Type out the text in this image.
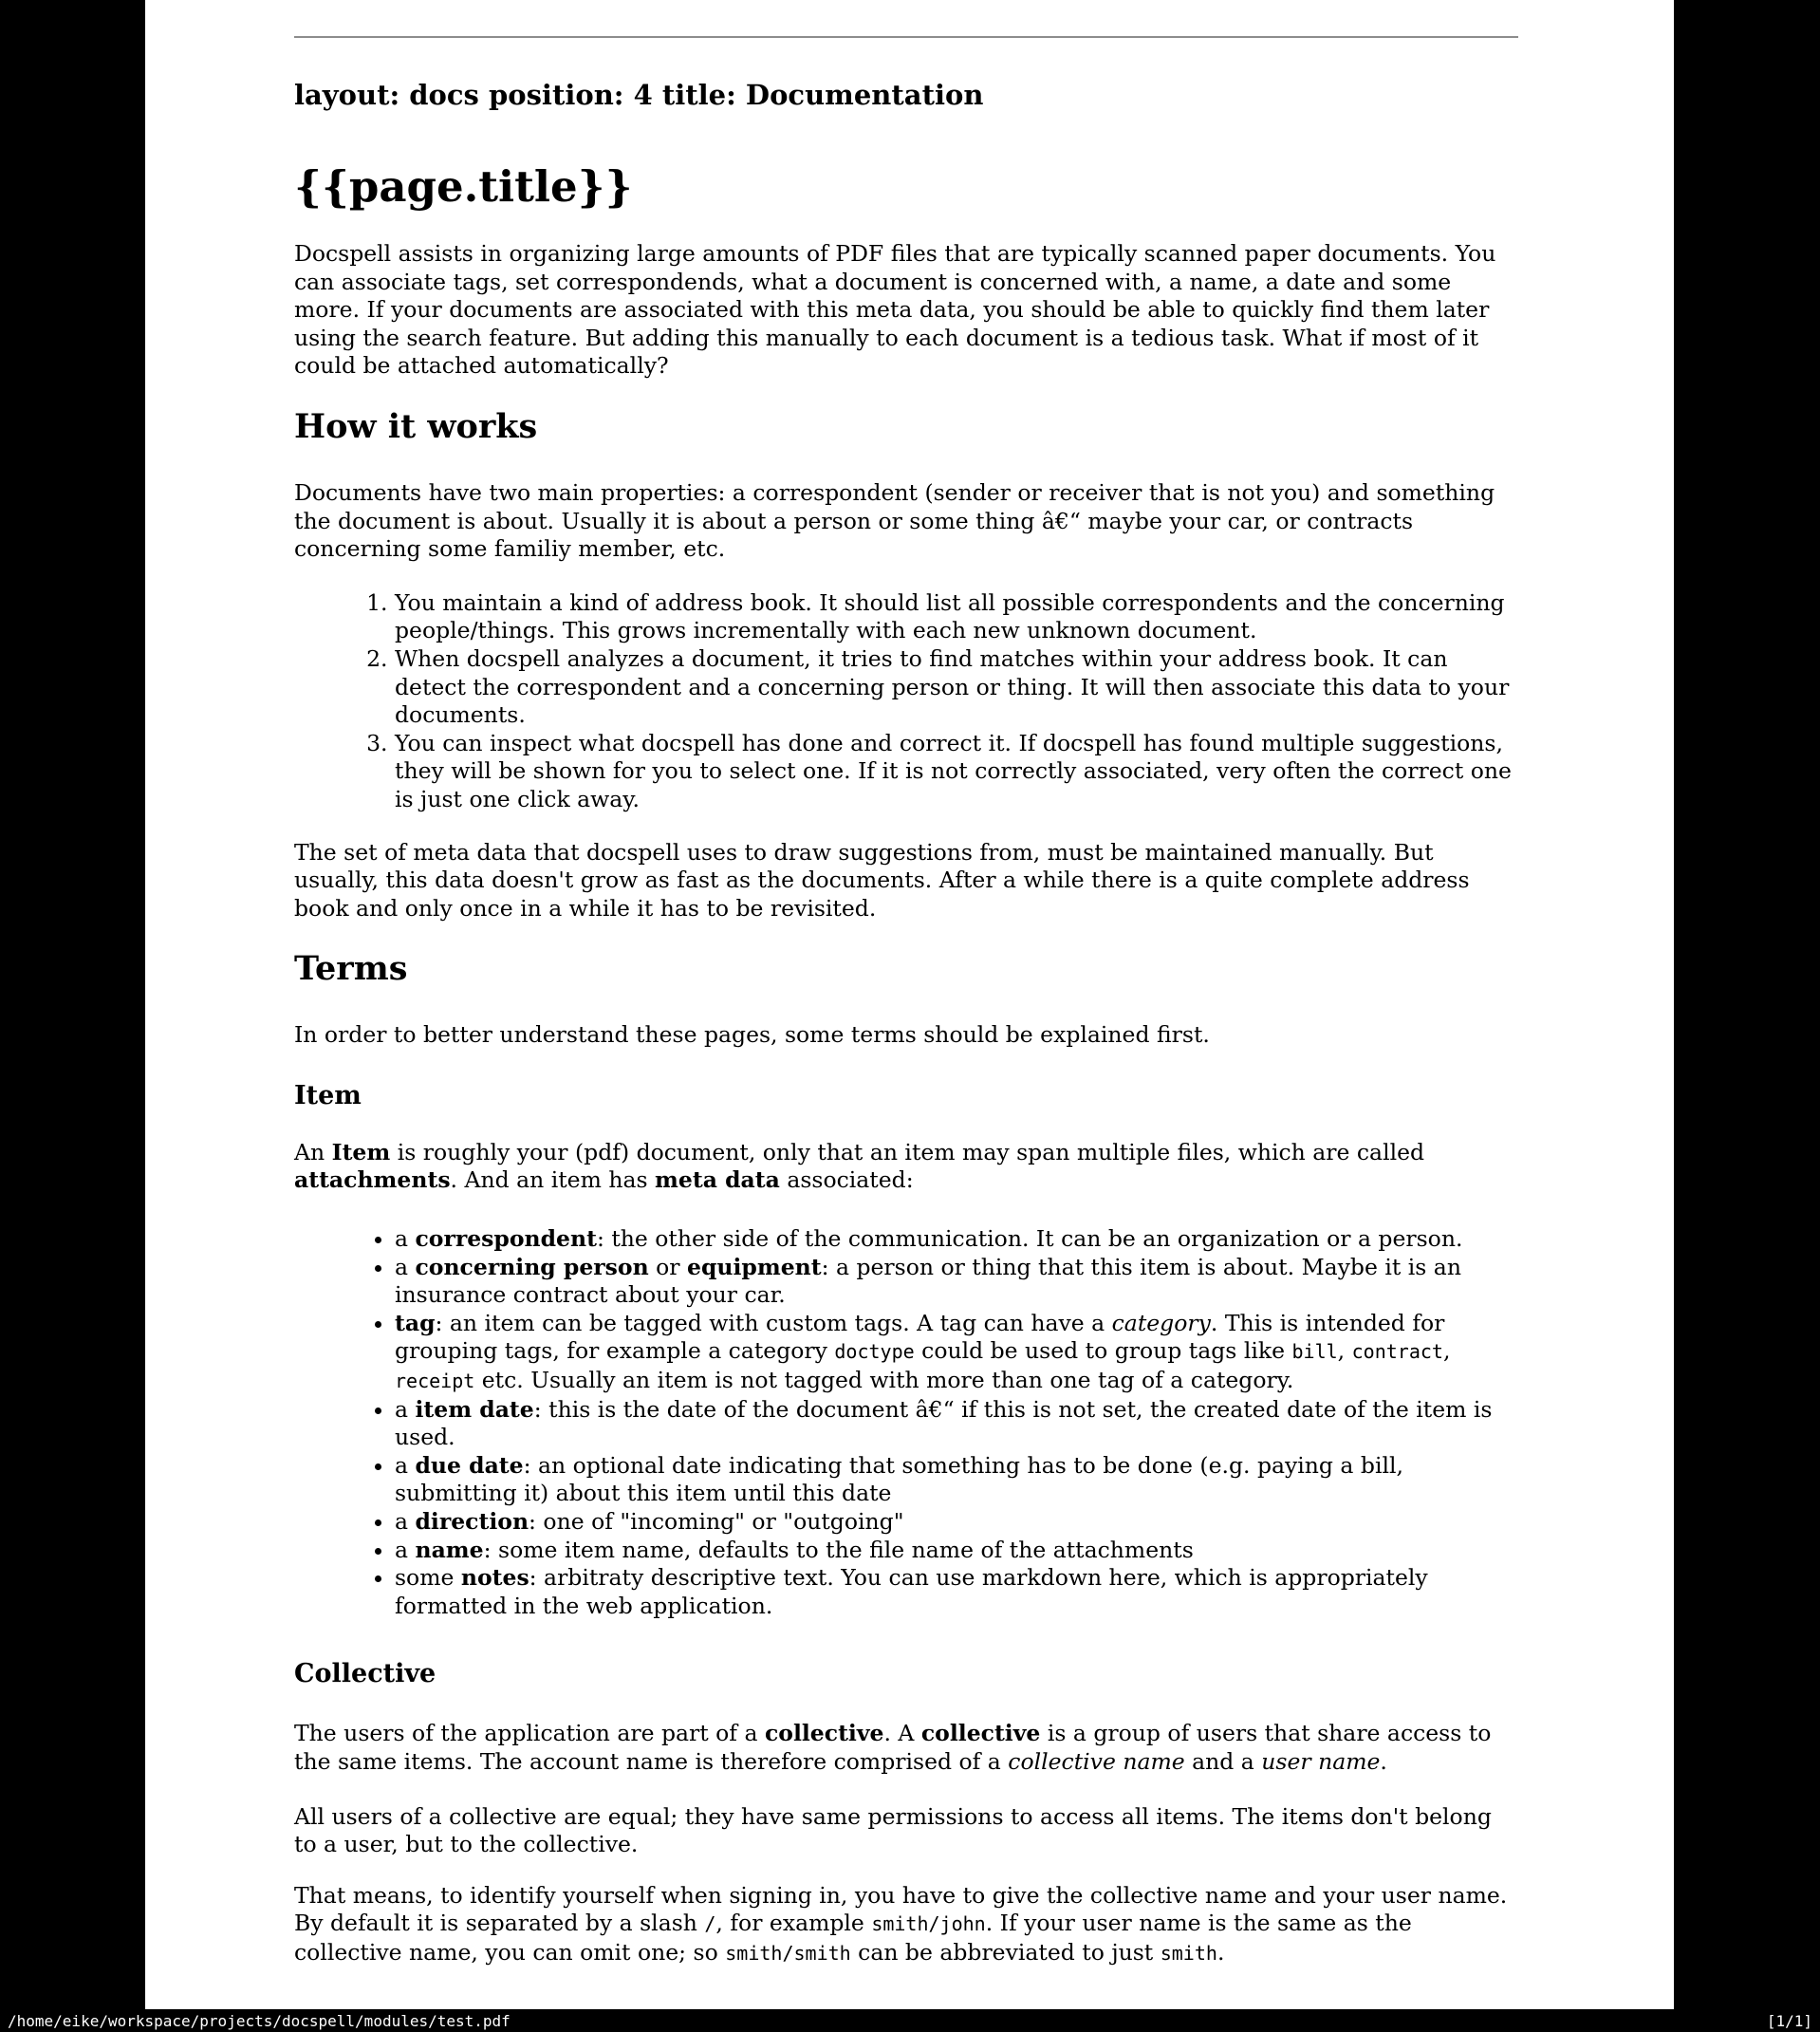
layout: docs position: 4 title: Documentation

{{page.title}}

Docspell assists in organizing large amounts of PDF files that are typically scanned paper documents. You can associate tags, set correspondends, what a document is concerned with, a name, a date and some more. If your documents are associated with this meta data, you should be able to quickly find them later using the search feature. But adding this manually to each document is a tedious task. What if most of it could be attached automatically?

How it works

Documents have two main properties: a correspondent (sender or receiver that is not you) and something the document is about. Usually it is about a person or some thing â€“ maybe your car, or contracts concerning some familiy member, etc.

1. You maintain a kind of address book. It should list all possible correspondents and the concerning people/things. This grows incrementally with each new unknown document.
2. When docspell analyzes a document, it tries to find matches within your address book. It can detect the correspondent and a concerning person or thing. It will then associate this data to your documents.
3. You can inspect what docspell has done and correct it. If docspell has found multiple suggestions, they will be shown for you to select one. If it is not correctly associated, very often the correct one is just one click away.

The set of meta data that docspell uses to draw suggestions from, must be maintained manually. But usually, this data doesn't grow as fast as the documents. After a while there is a quite complete address book and only once in a while it has to be revisited.

Terms

In order to better understand these pages, some terms should be explained first.

Item

An Item is roughly your (pdf) document, only that an item may span multiple files, which are called attachments. And an item has meta data associated:

• a correspondent: the other side of the communication. It can be an organization or a person.
• a concerning person or equipment: a person or thing that this item is about. Maybe it is an insurance contract about your car.
• tag: an item can be tagged with custom tags. A tag can have a category. This is intended for grouping tags, for example a category doctype could be used to group tags like bill, contract, receipt etc. Usually an item is not tagged with more than one tag of a category.
• a item date: this is the date of the document â€“ if this is not set, the created date of the item is used.
• a due date: an optional date indicating that something has to be done (e.g. paying a bill, submitting it) about this item until this date
• a direction: one of "incoming" or "outgoing"
• a name: some item name, defaults to the file name of the attachments
• some notes: arbitraty descriptive text. You can use markdown here, which is appropriately formatted in the web application.
Collective

The users of the application are part of a collective. A collective is a group of users that share access to the same items. The account name is therefore comprised of a collective name and a user name.

All users of a collective are equal; they have same permissions to access all items. The items don't belong to a user, but to the collective.

That means, to identify yourself when signing in, you have to give the collective name and your user name. By default it is separated by a slash /, for example smith/john. If your user name is the same as the collective name, you can omit one; so smith/smith can be abbreviated to just smith.

/home/eike/workspace/projects/docspell/modules/test.pdf	[1/1]
